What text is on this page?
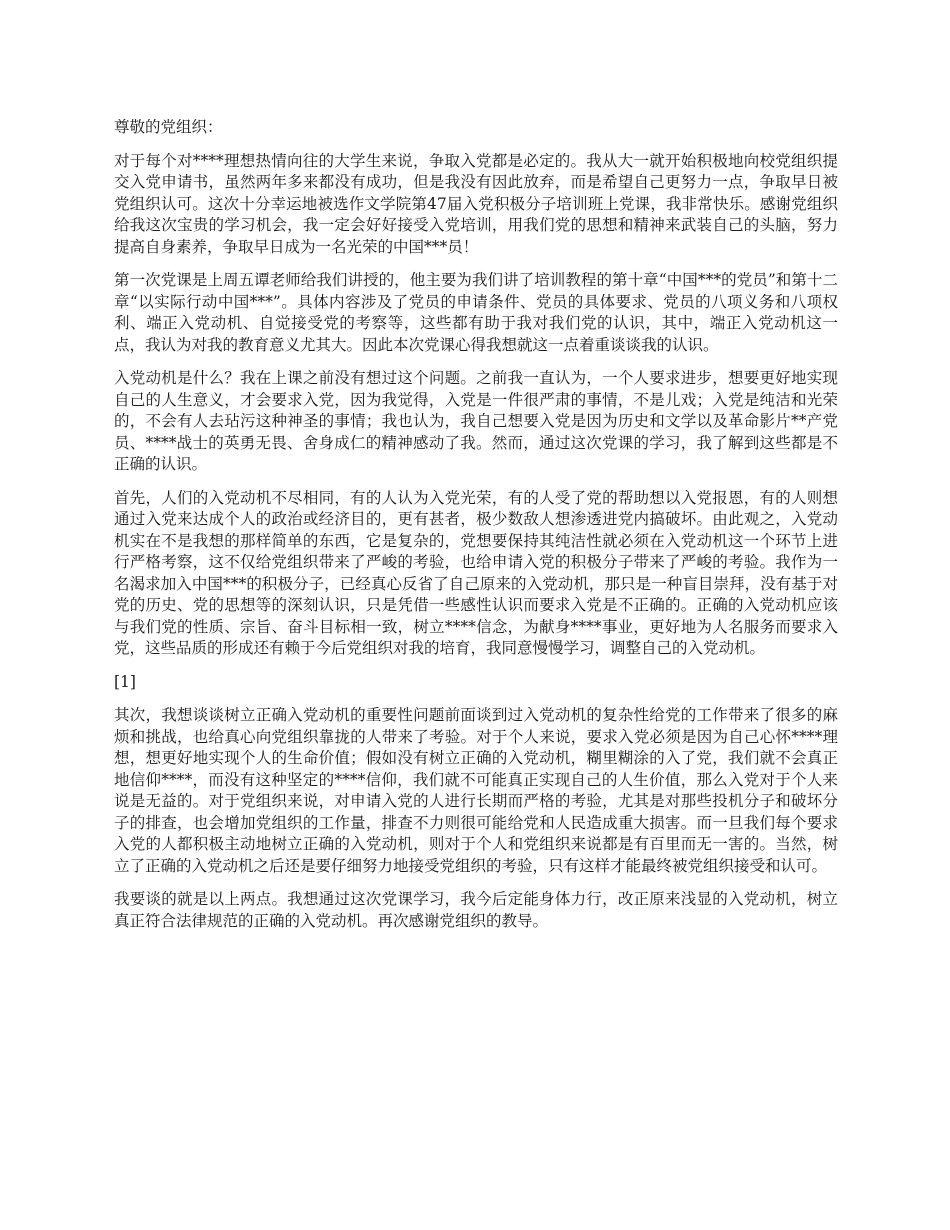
尊敬的党组织：

对于每个对****理想热情向往的大学生来说，争取入党都是必定的。我从大一就开始积极地向校党组织提交入党申请书，虽然两年多来都没有成功，但是我没有因此放弃，而是希望自己更努力一点，争取早日被党组织认可。这次十分幸运地被选作文学院第47届入党积极分子培训班上党课，我非常快乐。感谢党组织给我这次宝贵的学习机会，我一定会好好接受入党培训，用我们党的思想和精神来武装自己的头脑，努力提高自身素养，争取早日成为一名光荣的中国***员！

第一次党课是上周五谭老师给我们讲授的，他主要为我们讲了培训教程的第十章“中国***的党员”和第十二章“以实际行动中国***”。具体内容涉及了党员的申请条件、党员的具体要求、党员的八项义务和八项权利、端正入党动机、自觉接受党的考察等，这些都有助于我对我们党的认识，其中，端正入党动机这一点，我认为对我的教育意义尤其大。因此本次党课心得我想就这一点着重谈谈我的认识。

入党动机是什么？我在上课之前没有想过这个问题。之前我一直认为，一个人要求进步，想要更好地实现自己的人生意义，才会要求入党，因为我觉得，入党是一件很严肃的事情，不是儿戏；入党是纯洁和光荣的，不会有人去玷污这种神圣的事情；我也认为，我自己想要入党是因为历史和文学以及革命影片**产党员、****战士的英勇无畏、舍身成仁的精神感动了我。然而，通过这次党课的学习，我了解到这些都是不正确的认识。

首先，人们的入党动机不尽相同，有的人认为入党光荣，有的人受了党的帮助想以入党报恩，有的人则想通过入党来达成个人的政治或经济目的，更有甚者，极少数敌人想渗透进党内搞破坏。由此观之，入党动机实在不是我想的那样简单的东西，它是复杂的，党想要保持其纯洁性就必须在入党动机这一个环节上进行严格考察，这不仅给党组织带来了严峻的考验，也给申请入党的积极分子带来了严峻的考验。我作为一名渴求加入中国***的积极分子，已经真心反省了自己原来的入党动机，那只是一种盲目崇拜，没有基于对党的历史、党的思想等的深刻认识，只是凭借一些感性认识而要求入党是不正确的。正确的入党动机应该与我们党的性质、宗旨、奋斗目标相一致，树立****信念，为献身****事业，更好地为人名服务而要求入党，这些品质的形成还有赖于今后党组织对我的培育，我同意慢慢学习，调整自己的入党动机。

[1]

其次，我想谈谈树立正确入党动机的重要性问题前面谈到过入党动机的复杂性给党的工作带来了很多的麻烦和挑战，也给真心向党组织靠拢的人带来了考验。对于个人来说，要求入党必须是因为自己心怀****理想，想更好地实现个人的生命价值；假如没有树立正确的入党动机，糊里糊涂的入了党，我们就不会真正地信仰****，而没有这种坚定的****信仰，我们就不可能真正实现自己的人生价值，那么入党对于个人来说是无益的。对于党组织来说，对申请入党的人进行长期而严格的考验，尤其是对那些投机分子和破坏分子的排查，也会增加党组织的工作量，排查不力则很可能给党和人民造成重大损害。而一旦我们每个要求入党的人都积极主动地树立正确的入党动机，则对于个人和党组织来说都是有百里而无一害的。当然，树立了正确的入党动机之后还是要仔细努力地接受党组织的考验，只有这样才能最终被党组织接受和认可。

我要谈的就是以上两点。我想通过这次党课学习，我今后定能身体力行，改正原来浅显的入党动机，树立真正符合法律规范的正确的入党动机。再次感谢党组织的教导。
